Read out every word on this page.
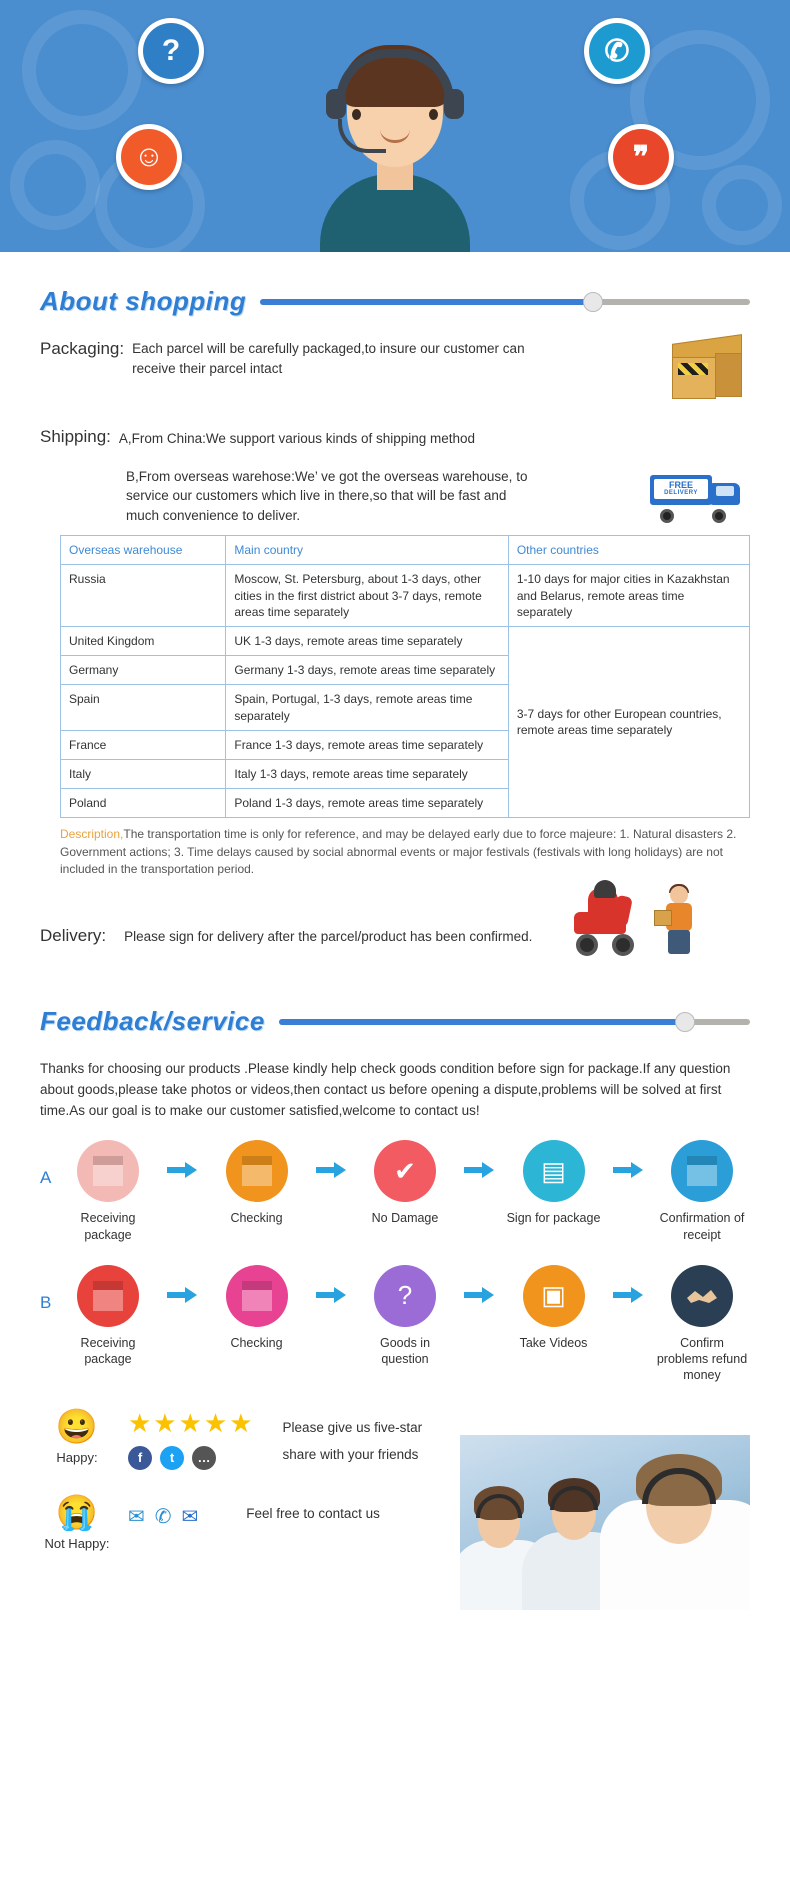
?
☺
✆
❞
About shopping
Packaging: Each parcel will be carefully packaged,to insure our customer can receive their parcel intact
Shipping: A,From China:We support various kinds of shipping method
B,From overseas warehose:We’ ve got the overseas warehouse, to service our customers which live in there,so that will be fast and much convenience to deliver.
FREE
DELIVERY
Overseas warehouse	Main country	Other countries
Russia	Moscow, St. Petersburg, about 1-3 days, other cities in the first district about 3-7 days, remote areas time separately	1-10 days for major cities in Kazakhstan and Belarus, remote areas time separately
United Kingdom	UK 1-3 days, remote areas time separately	3-7 days for other European countries, remote areas time separately
Germany	Germany 1-3 days, remote areas time separately	
Spain	Spain, Portugal, 1-3 days, remote areas time separately	
France	France 1-3 days, remote areas time separately	
Italy	Italy 1-3 days, remote areas time separately	
Poland	Poland 1-3 days, remote areas time separately	
Description,The transportation time is only for reference, and may be delayed early due to force majeure: 1. Natural disasters 2. Government actions; 3. Time delays caused by social abnormal events or major festivals (festivals with long holidays) are not included in the transportation period.
Delivery:	Please sign for delivery after the parcel/product has been confirmed.
Feedback/service
Thanks for choosing our products .Please kindly help check goods condition before sign for package.If any question about goods,please take photos or videos,then contact us before opening a dispute,problems will be solved at first time.As our goal is to make our customer satisfied,welcome to contact us!
A
Receiving package
Checking
✔
No Damage
▤
Sign for package	Confirmation of receipt
B
Receiving package
Checking
?
Goods in question
▣
Take Videos	Confirm problems refund money
😀
Happy:
★★★★★
f	t	…
Please give us five-star
share with your friends
😭
Not Happy:
✉ ✆ ✉	Feel free to contact us
